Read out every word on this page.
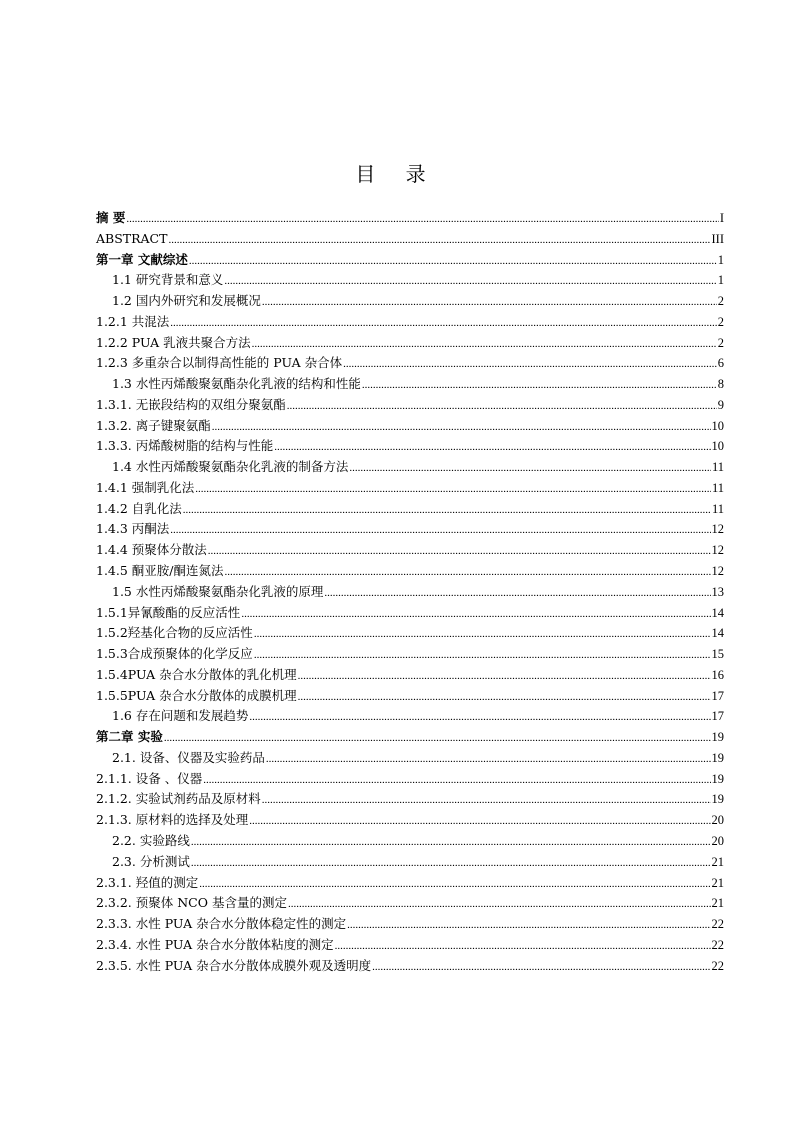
目 录
摘 要 .....	I
ABSTRACT .....	III
第一章 文献综述 .....	1
1.1 研究背景和意义 .....	1
1.2 国内外研究和发展概况 .....	2
1.2.1 共混法 .....	2
1.2.2 PUA 乳液共聚合方法 .....	2
1.2.3 多重杂合以制得高性能的 PUA 杂合体 .....	6
1.3 水性丙烯酸聚氨酯杂化乳液的结构和性能 .....	8
1.3.1. 无嵌段结构的双组分聚氨酯 .....	9
1.3.2. 离子键聚氨酯 .....	10
1.3.3. 丙烯酸树脂的结构与性能 .....	10
1.4 水性丙烯酸聚氨酯杂化乳液的制备方法 .....	11
1.4.1 强制乳化法 .....	11
1.4.2 自乳化法 .....	11
1.4.3 丙酮法 .....	12
1.4.4 预聚体分散法 .....	12
1.4.5 酮亚胺/酮连氮法 .....	12
1.5 水性丙烯酸聚氨酯杂化乳液的原理 .....	13
1.5.1异氰酸酯的反应活性 .....	14
1.5.2羟基化合物的反应活性 .....	14
1.5.3合成预聚体的化学反应 .....	15
1.5.4PUA 杂合水分散体的乳化机理 .....	16
1.5.5PUA 杂合水分散体的成膜机理 .....	17
1.6 存在问题和发展趋势 .....	17
第二章 实验 .....	19
2.1. 设备、仪器及实验药品 .....	19
2.1.1. 设备 、仪器 .....	19
2.1.2. 实验试剂药品及原材料 .....	19
2.1.3. 原材料的选择及处理 .....	20
2.2. 实验路线 .....	20
2.3. 分析测试 .....	21
2.3.1. 羟值的测定 .....	21
2.3.2. 预聚体 NCO 基含量的测定 .....	21
2.3.3. 水性 PUA 杂合水分散体稳定性的测定 .....	22
2.3.4. 水性 PUA 杂合水分散体粘度的测定 .....	22
2.3.5. 水性 PUA 杂合水分散体成膜外观及透明度 .....	22
